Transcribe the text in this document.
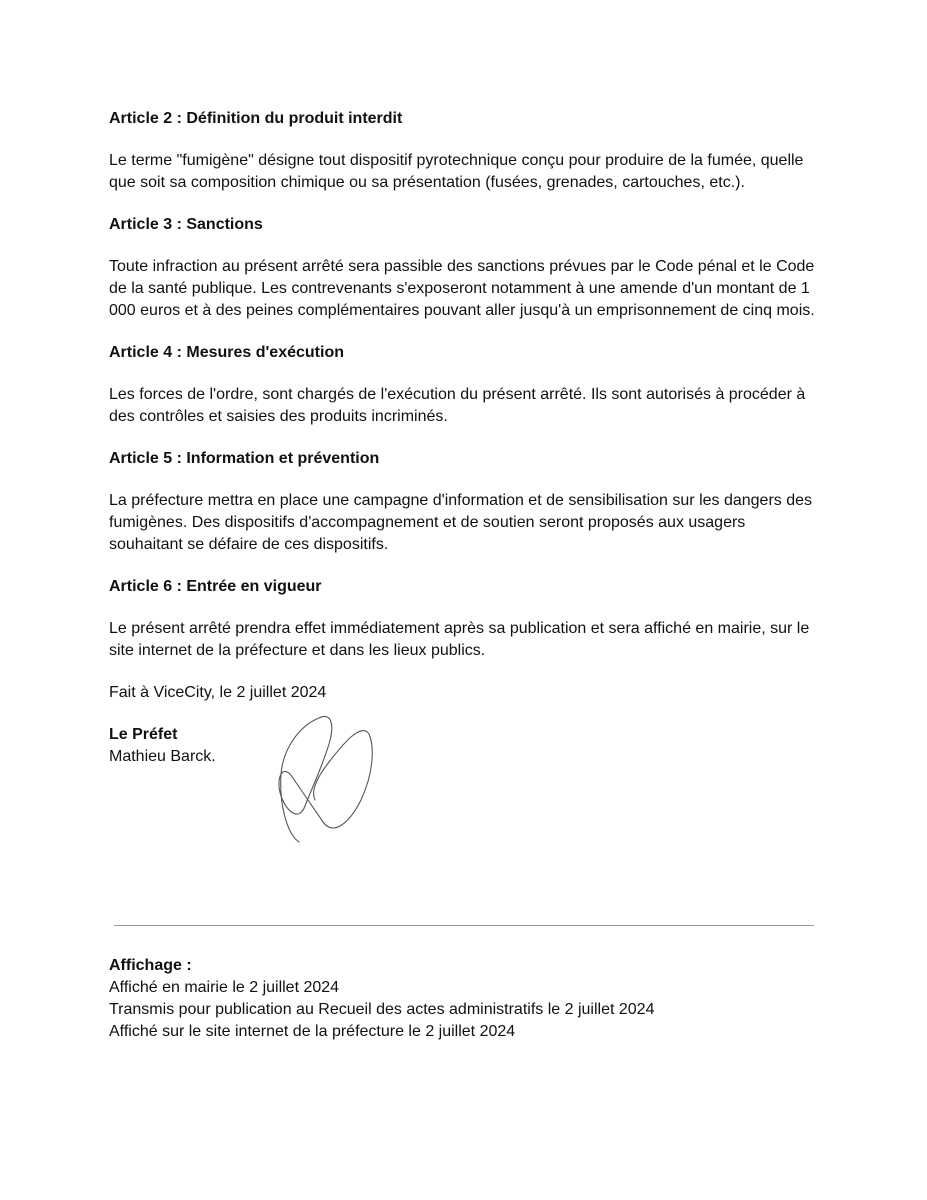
Article 2 : Définition du produit interdit

Le terme "fumigène" désigne tout dispositif pyrotechnique conçu pour produire de la fumée, quelle que soit sa composition chimique ou sa présentation (fusées, grenades, cartouches, etc.).

Article 3 : Sanctions

Toute infraction au présent arrêté sera passible des sanctions prévues par le Code pénal et le Code de la santé publique. Les contrevenants s'exposeront notamment à une amende d'un montant de 1 000 euros et à des peines complémentaires pouvant aller jusqu'à un emprisonnement de cinq mois.

Article 4 : Mesures d'exécution

Les forces de l'ordre, sont chargés de l'exécution du présent arrêté. Ils sont autorisés à procéder à des contrôles et saisies des produits incriminés.

Article 5 : Information et prévention

La préfecture mettra en place une campagne d'information et de sensibilisation sur les dangers des fumigènes. Des dispositifs d'accompagnement et de soutien seront proposés aux usagers souhaitant se défaire de ces dispositifs.

Article 6 : Entrée en vigueur

Le présent arrêté prendra effet immédiatement après sa publication et sera affiché en mairie, sur le site internet de la préfecture et dans les lieux publics.

Fait à ViceCity, le 2 juillet 2024

Le Préfet

Mathieu Barck.

Affichage :

Affiché en mairie le 2 juillet 2024

Transmis pour publication au Recueil des actes administratifs le 2 juillet 2024

Affiché sur le site internet de la préfecture le 2 juillet 2024
